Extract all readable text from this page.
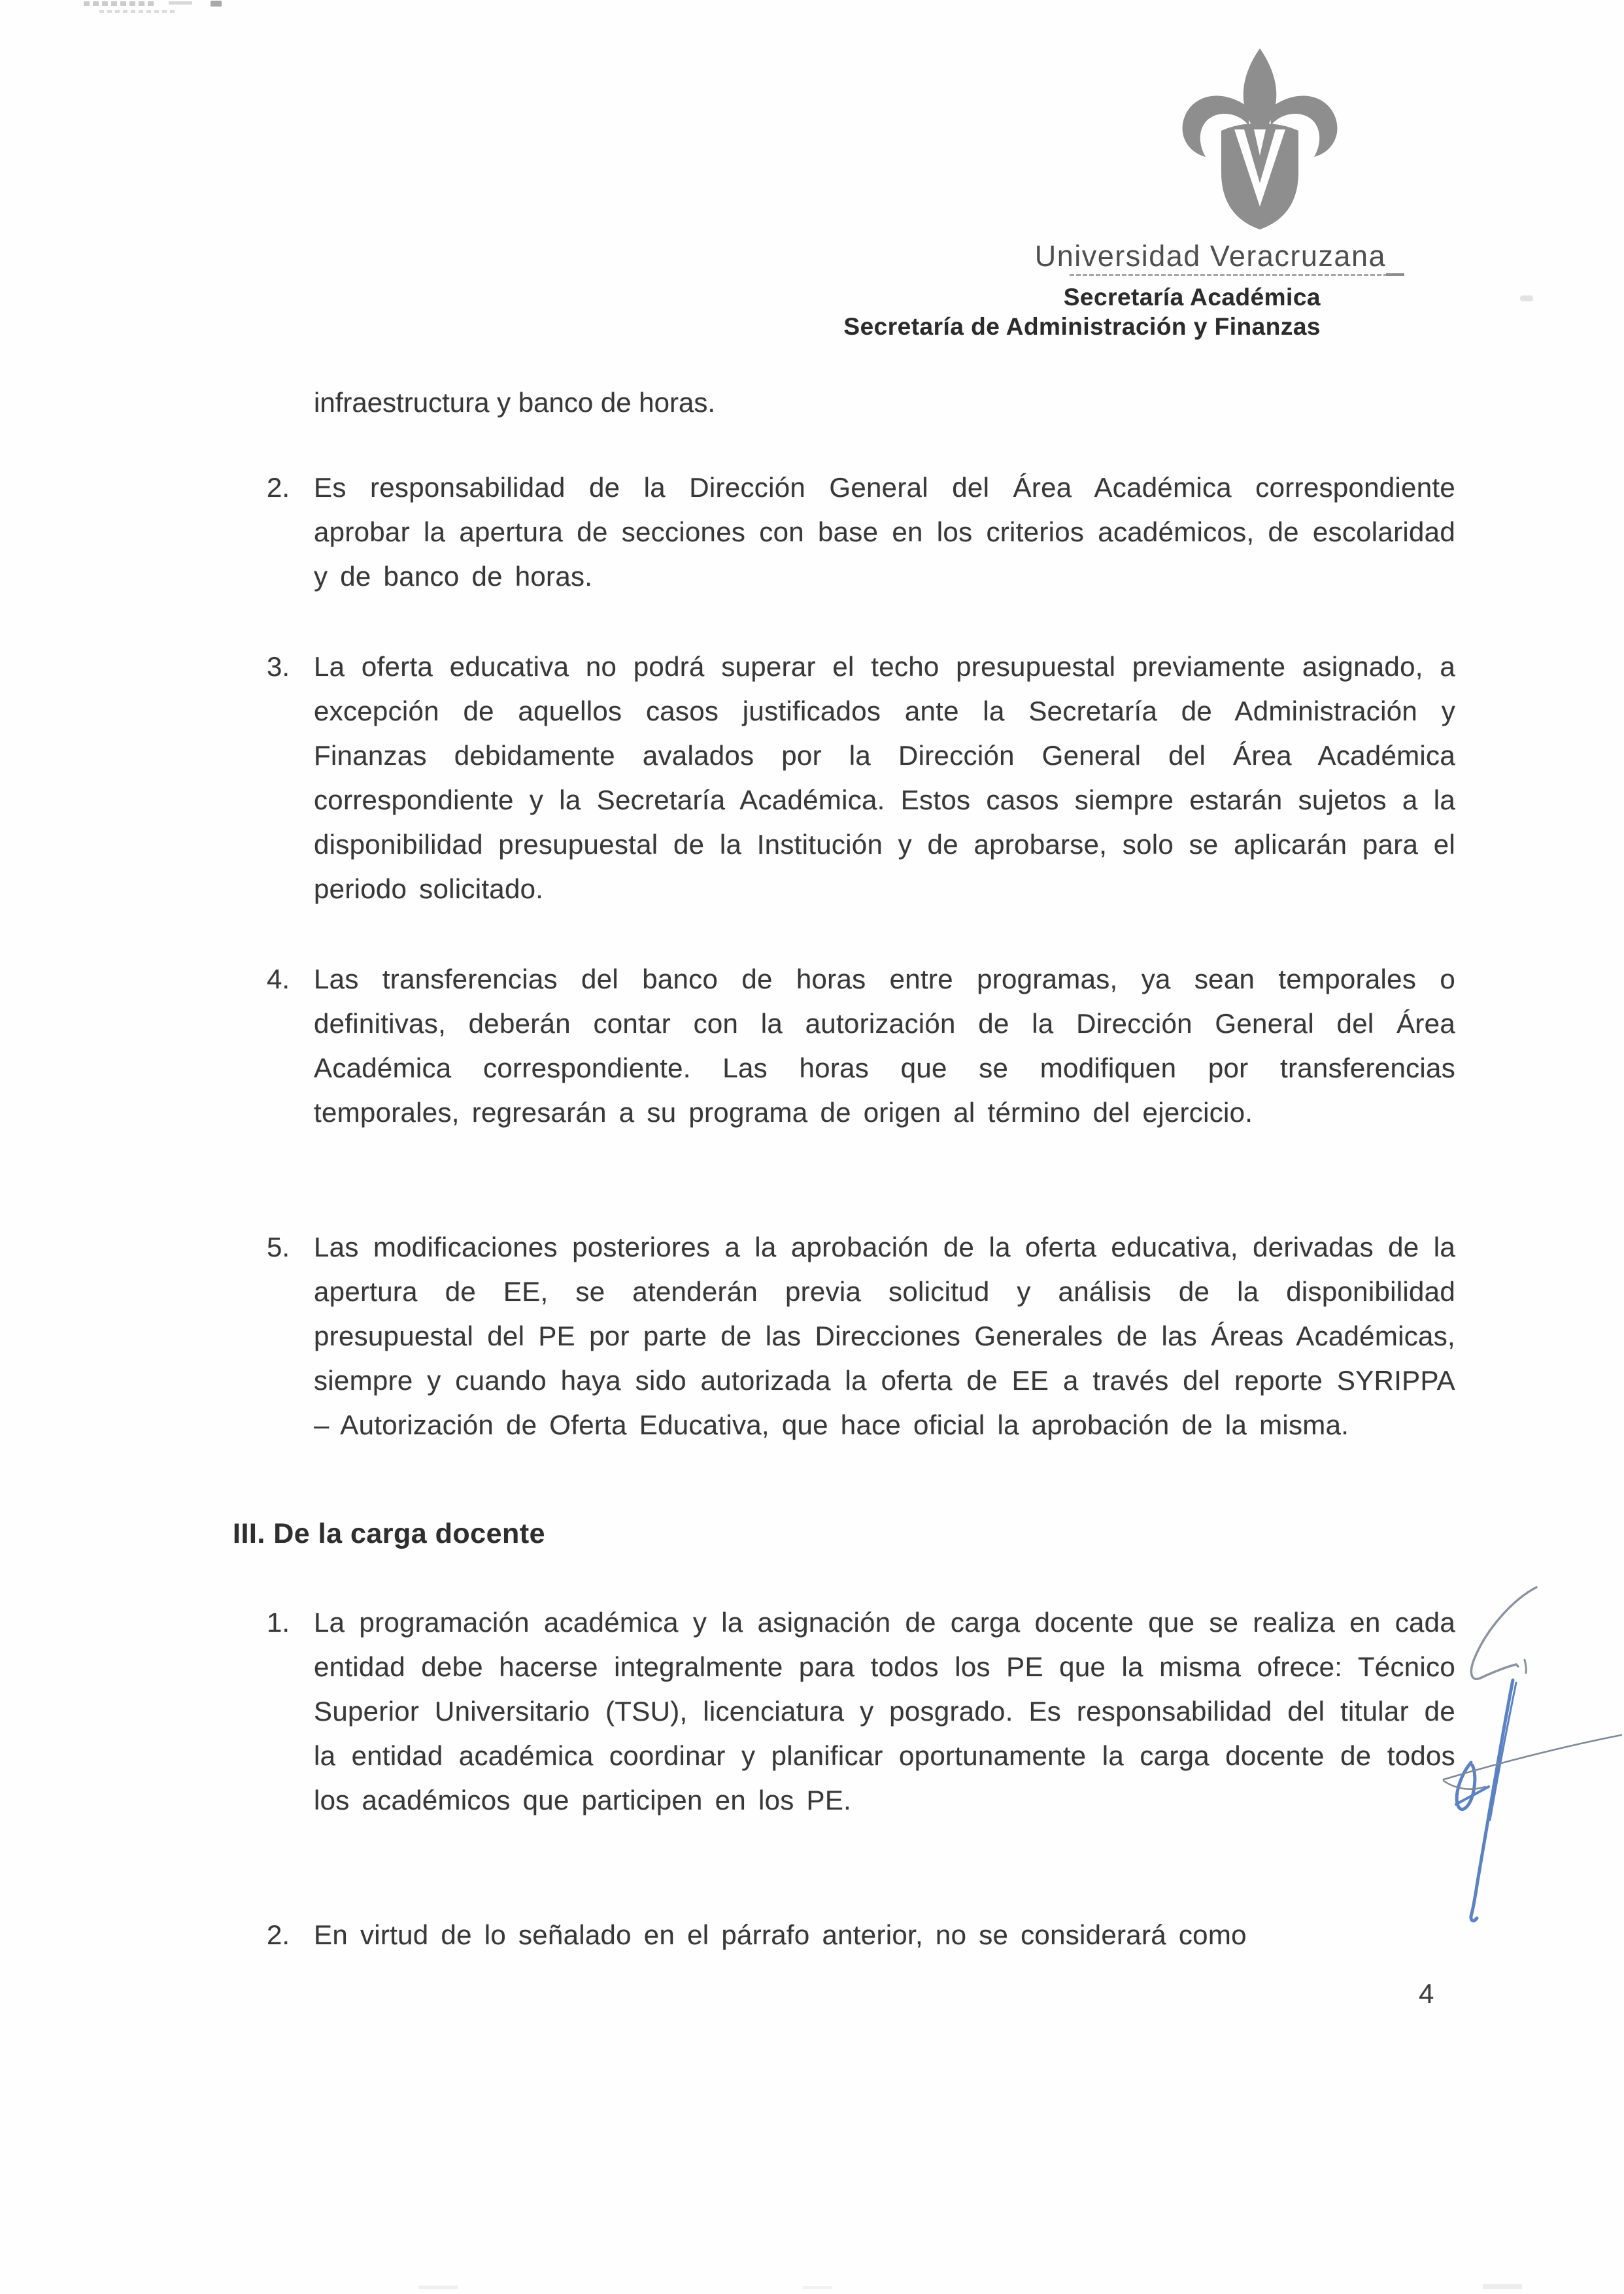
Universidad Veracruzana
Secretaría Académica
Secretaría de Administración y Finanzas
infraestructura y banco de horas.
2. Es responsabilidad de la Dirección General del Área Académica correspondiente aprobar la apertura de secciones con base en los criterios académicos, de escolaridad y de banco de horas.
3. La oferta educativa no podrá superar el techo presupuestal previamente asignado, a excepción de aquellos casos justificados ante la Secretaría de Administración y Finanzas debidamente avalados por la Dirección General del Área Académica correspondiente y la Secretaría Académica. Estos casos siempre estarán sujetos a la disponibilidad presupuestal de la Institución y de aprobarse, solo se aplicarán para el periodo solicitado.
4. Las transferencias del banco de horas entre programas, ya sean temporales o definitivas, deberán contar con la autorización de la Dirección General del Área Académica correspondiente. Las horas que se modifiquen por transferencias temporales, regresarán a su programa de origen al término del ejercicio.
5. Las modificaciones posteriores a la aprobación de la oferta educativa, derivadas de la apertura de EE, se atenderán previa solicitud y análisis de la disponibilidad presupuestal del PE por parte de las Direcciones Generales de las Áreas Académicas, siempre y cuando haya sido autorizada la oferta de EE a través del reporte SYRIPPA – Autorización de Oferta Educativa, que hace oficial la aprobación de la misma.
III. De la carga docente
1. La programación académica y la asignación de carga docente que se realiza en cada entidad debe hacerse integralmente para todos los PE que la misma ofrece: Técnico Superior Universitario (TSU), licenciatura y posgrado. Es responsabilidad del titular de la entidad académica coordinar y planificar oportunamente la carga docente de todos los académicos que participen en los PE.
2. En virtud de lo señalado en el párrafo anterior, no se considerará como
4
